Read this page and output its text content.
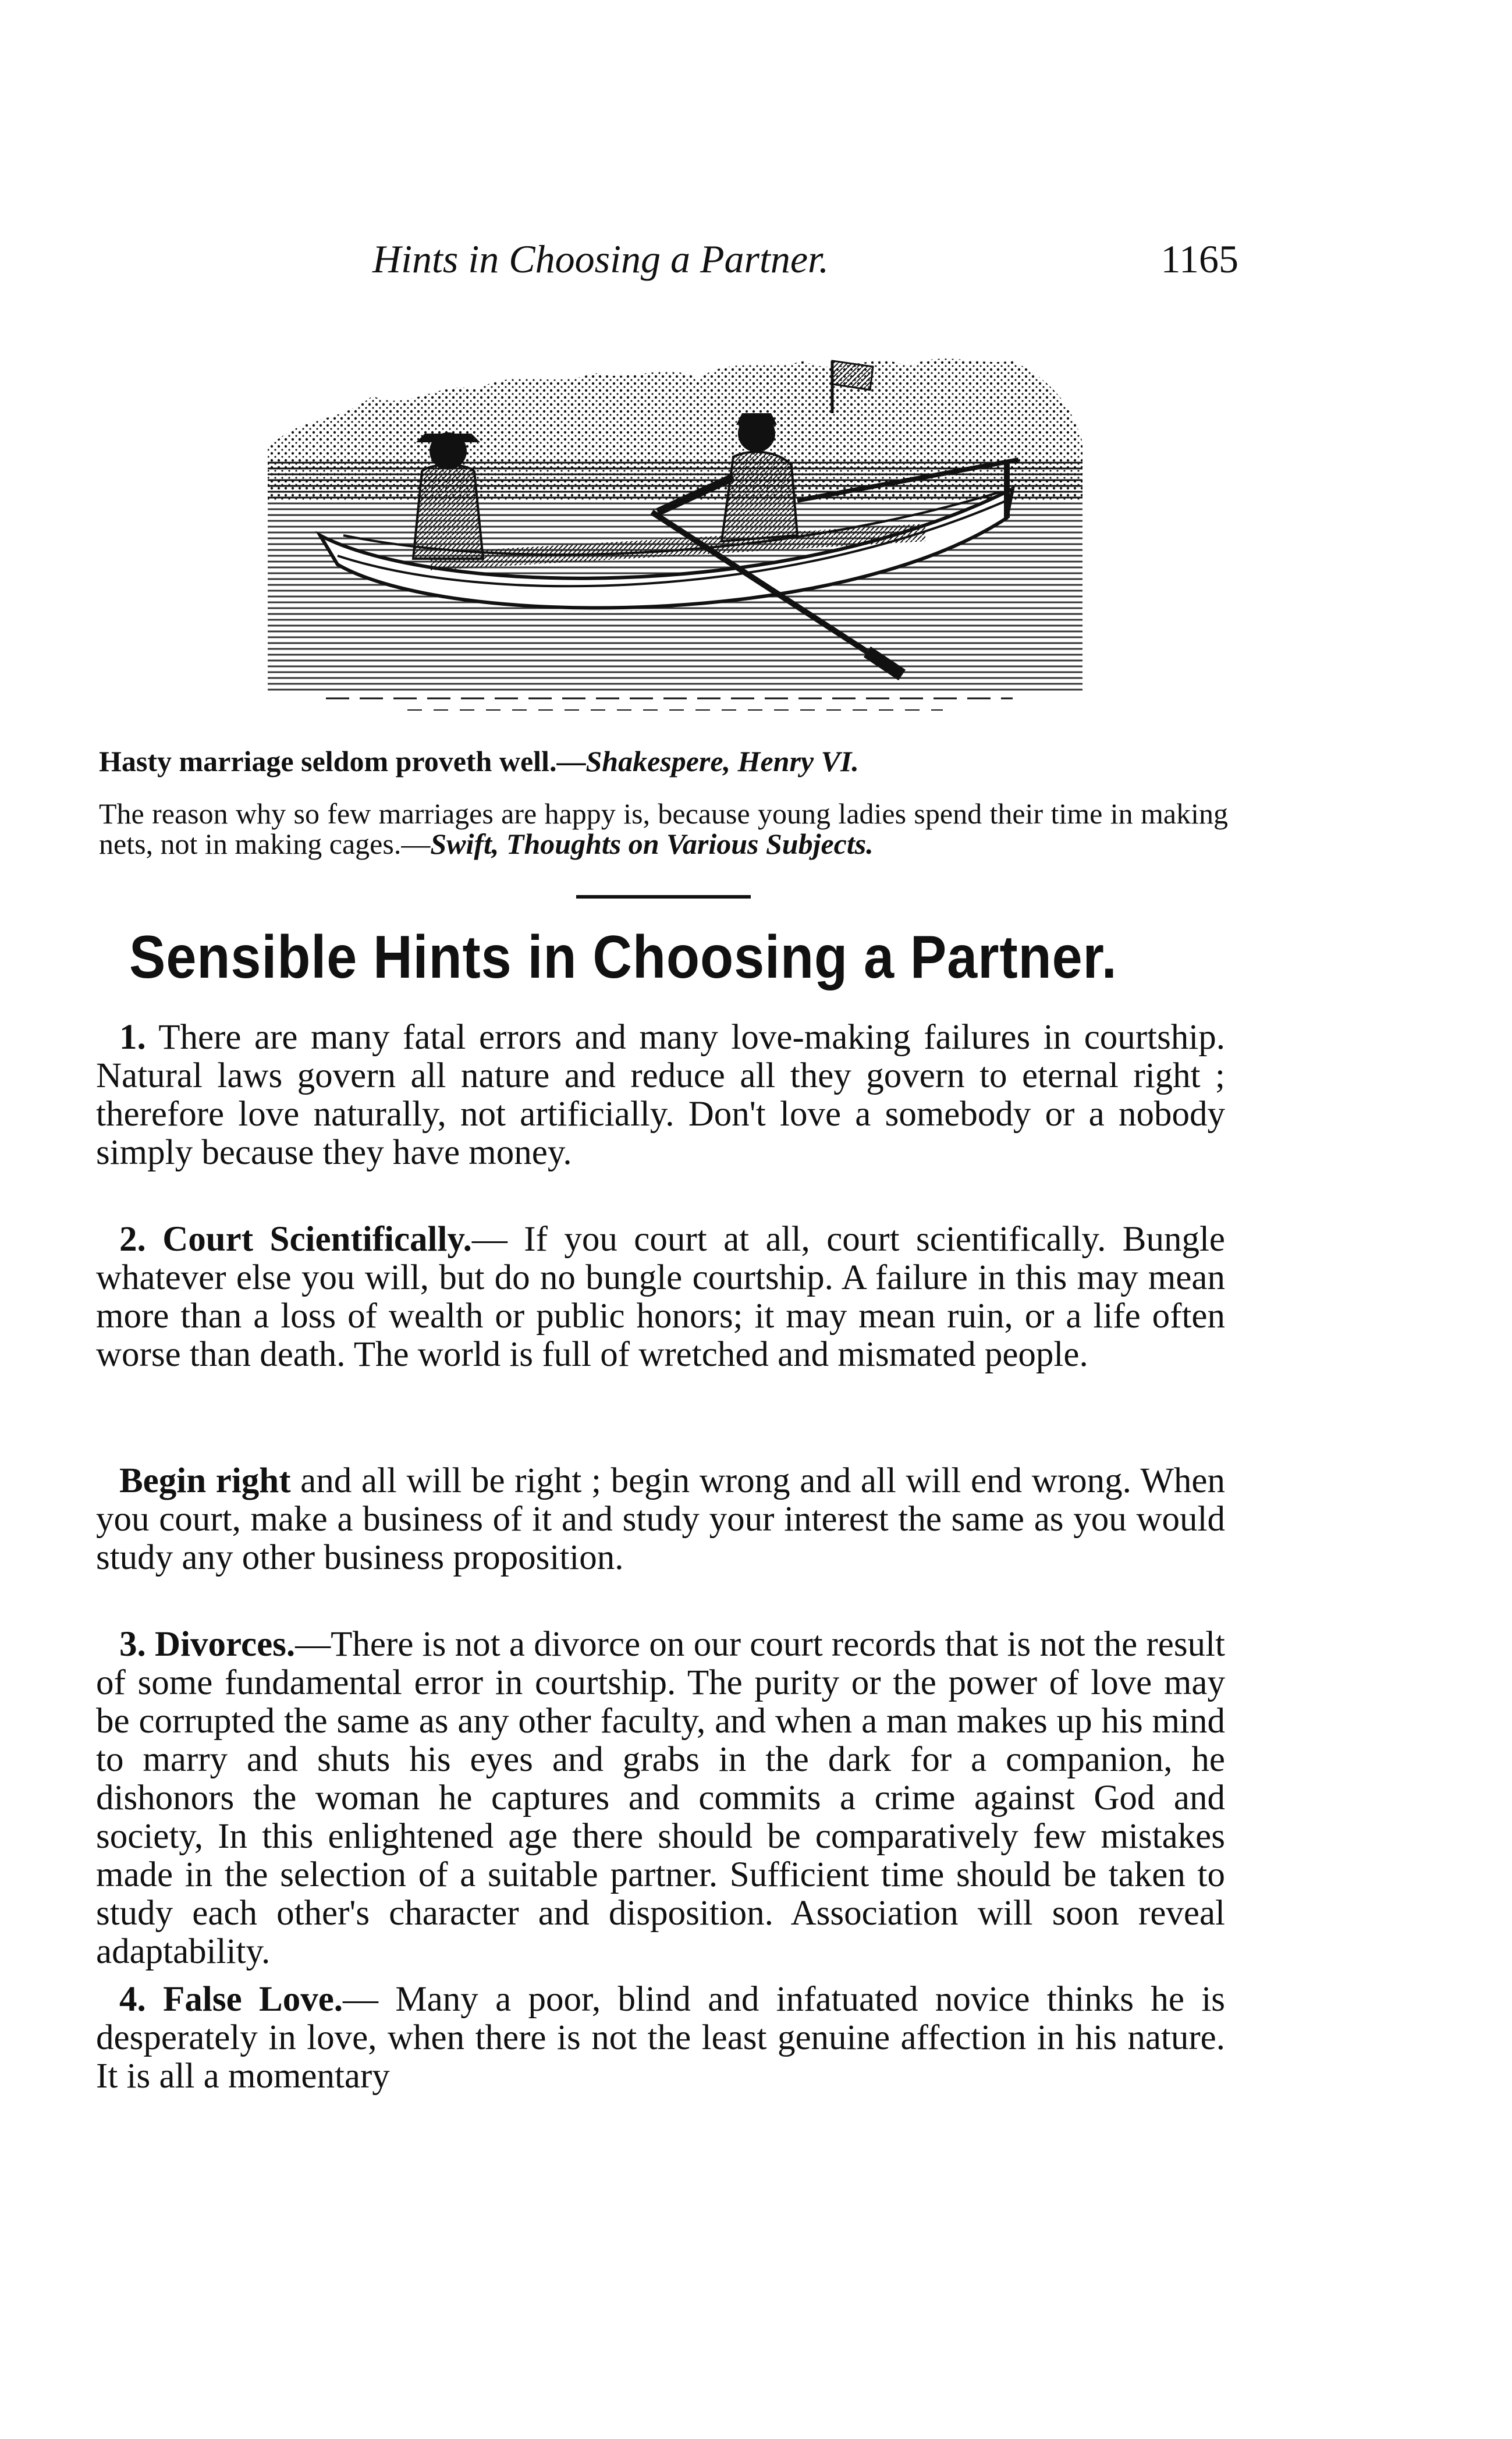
Hints in Choosing a Partner.	1165
Hasty marriage seldom proveth well.—Shakespere, Henry VI.
The reason why so few marriages are happy is, because young ladies spend their time in making nets, not in making cages.—Swift, Thoughts on Various Subjects.
Sensible Hints in Choosing a Partner.

1. There are many fatal errors and many love-making failures in courtship. Natural laws govern all nature and reduce all they govern to eternal right ; therefore love naturally, not artificially. Don't love a somebody or a nobody simply because they have money.

2. Court Scientifically.— If you court at all, court scientifically. Bungle whatever else you will, but do no bungle courtship. A failure in this may mean more than a loss of wealth or public honors; it may mean ruin, or a life often worse than death. The world is full of wretched and mismated people.

Begin right and all will be right ; begin wrong and all will end wrong. When you court, make a business of it and study your interest the same as you would study any other business proposition.

3. Divorces.—There is not a divorce on our court records that is not the result of some fundamental error in courtship. The purity or the power of love may be corrupted the same as any other faculty, and when a man makes up his mind to marry and shuts his eyes and grabs in the dark for a companion, he dishonors the woman he captures and commits a crime against God and society, In this enlightened age there should be comparatively few mistakes made in the selection of a suitable partner. Sufficient time should be taken to study each other's character and disposition. Association will soon reveal adaptability.

4. False Love.— Many a poor, blind and infatuated novice thinks he is desperately in love, when there is not the least genuine affection in his nature. It is all a momentary
